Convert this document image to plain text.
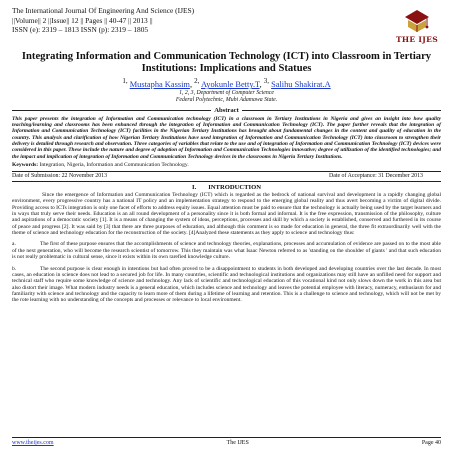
The International Journal Of Engineering And Science (IJES)
||Volume|| 2 ||Issue|| 12 || Pages || 40-47 || 2013 ||
ISSN (e): 2319 – 1813 ISSN (p): 2319 – 1805
THE IJES
Integrating Information and Communication Technology (ICT) into Classroom in Tertiary Institutions: Implications and Statues
$^{1,}$ Mustapha Kassim, $^{2,}$ Ayokunle Betty.T, $^{3,}$ Salihu Shakirat.A
1, 2, 3, Department of Computer Science
Federal Polytechnic, Mubi Adamawa State.
Abstract
This paper presents the integration of Information and Communication technology (ICT) in a classroom in Tertiary Institutions in Nigeria and gives an insight into how quality teaching/learning and classrooms has been enhanced through the integration of Information and Communication Technology (ICT). The paper further reveals that the integration of Information and Communication Technology (ICT) facilities in the Nigerian Tertiary Institutions has brought about fundamental changes in the content and quality of education in the country. This analysis and clarification of how Nigerian Tertiary Institutions have used integration of Information and Communication Technology (ICT) into classroom to strengthen their delivery is detailed through research and observation. Three categories of variables that relate to the use and of integration of Information and Communication Technology (ICT) devices were considered in this paper. These include the nature and degree of adoption of Information and Communication Technologies innovative; degree of utilization of the identified technologies; and the impact and implication of integration of Information and Communication Technology devices in the classrooms in Nigeria Tertiary Institutions.
Keywords: Integration, Nigeria, Information and Communication Technology.
Date of Submission: 22 November 2013	Date of Acceptance: 31 December 2013
I. INTRODUCTION

Since the emergence of Information and Communication Technology (ICT) which is regarded as the bedrock of national survival and development in a rapidly changing global environment, every progressive country has a national IT policy and an implementation strategy to respond to the emerging global reality and thus avert becoming a victim of digital divide. Providing access to ICTs integration is only one facet of efforts to address equity issues. Equal attention must be paid to ensure that the technology is actually being used by the target learners and in ways that truly serve their needs. Education is an all round development of a personality since it is both formal and informal. It is the free expression, transmission of the philosophy, culture and aspirations of a democratic society [1]. It is a means of changing the system of ideas, perceptions, processes and skill by which a society is established, conserved and furthered in its course of peace and progress [2]. It was said by [3] that there are three purposes of education, and although this comment is so made for education in general, the three fit extraordinarily well with the theme of science and technology education for the reconstruction of the society. [4]Analyzed these statements as they apply to science and technology thus:

a.	The first of these purpose ensures that the accomplishments of science and technology theories, explanations, processes and accumulation of evidence are passed on to the most able of the next generation, who will become the research scientist of tomorrow. This they maintain was what Isaac Newton referred to as 'standing on the shoulder of giants ' and that such education is not really problematic in cultural sense, since it exists within its own rarefied knowledge culture.

b.	The second purpose is clear enough in intentions but had often proved to be a disappointment to students in both developed and developing countries over the last decade. In most cases, an education in science does not lead to a secured job for life. In many countries, scientific and technological institutions and organizations may still have an unfilled need for support and technical staff who require some knowledge of science and technology. Any lack of scientific and technological education of this vocational kind not only slows down the work in this area but also distort their image. What modern industry needs is a general education, which includes science and technology and leaves the potential employee with literacy, numeracy, enthusiasm for and familiarity with science and technology and the capacity to learn more of them during a lifetime of learning and retention. This is a challenge to science and technology, which will not be met by the rote learning with no understanding of the concepts and processes or relevance to local environment.

www.theijes.com	The IJES	Page 40
